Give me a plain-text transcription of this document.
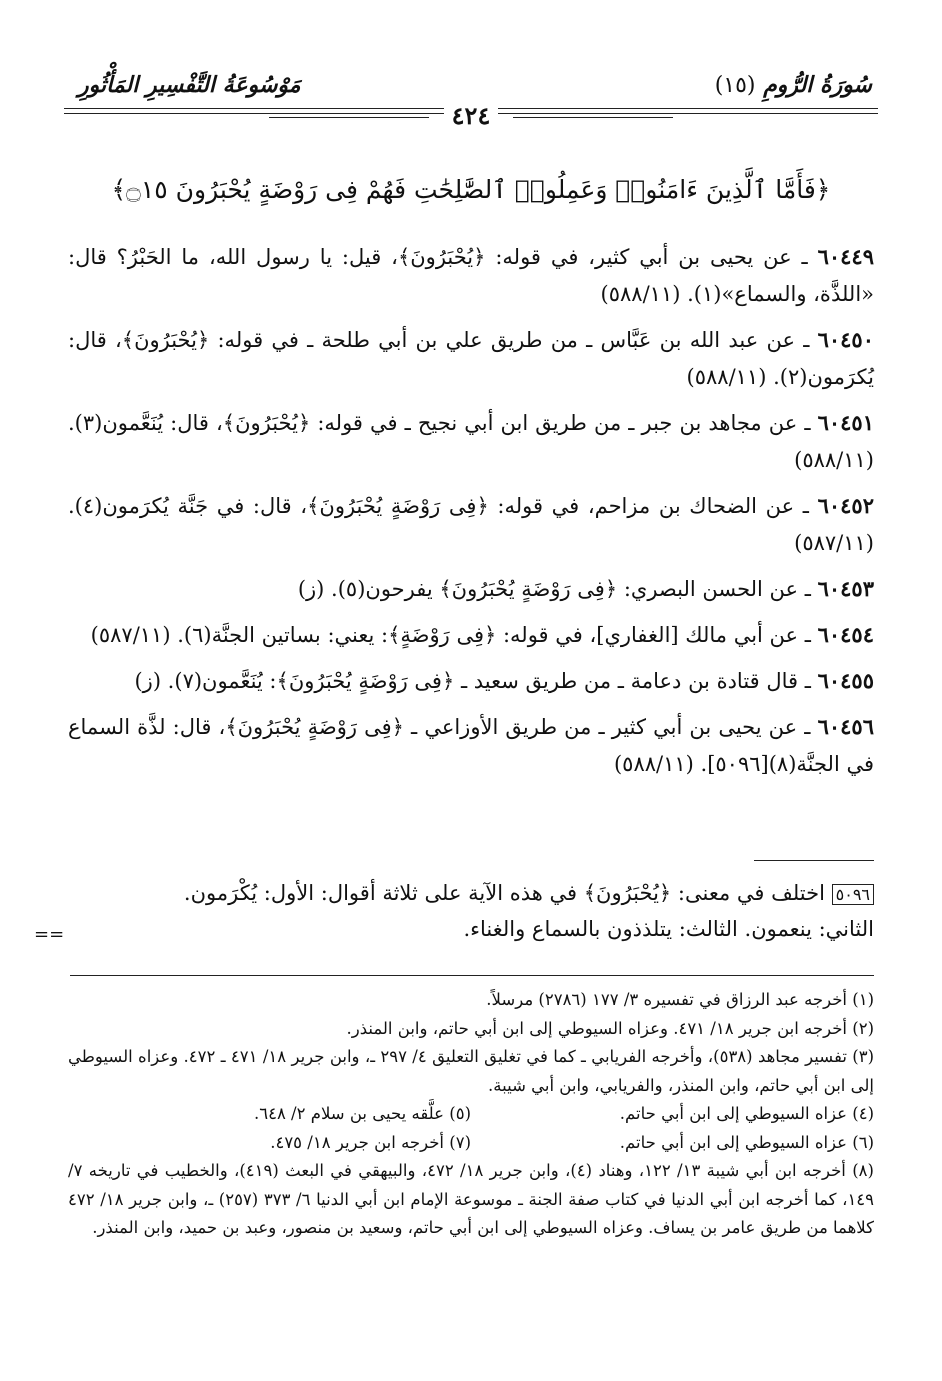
سُورَةُ الرُّومِ (١٥)
مَوْسُوعَةُ التَّفْسِيرِ المَأْثُورِ
٤٢٤
﴿فَأَمَّا ٱلَّذِينَ ءَامَنُوا۟ وَعَمِلُوا۟ ٱلصَّٰلِحَٰتِ فَهُمْ فِى رَوْضَةٍ يُحْبَرُونَ ۝١٥﴾

٦٠٤٤٩ ـ عن يحيى بن أبي كثير، في قوله: ﴿يُحْبَرُونَ﴾، قيل: يا رسول الله، ما الحَبْرُ؟ قال: «اللذَّة، والسماع»(١). (٥٨٨/١١)

٦٠٤٥٠ ـ عن عبد الله بن عَبَّاس ـ من طريق علي بن أبي طلحة ـ في قوله: ﴿يُحْبَرُونَ﴾، قال: يُكرَمون(٢). (٥٨٨/١١)

٦٠٤٥١ ـ عن مجاهد بن جبر ـ من طريق ابن أبي نجيح ـ في قوله: ﴿يُحْبَرُونَ﴾، قال: يُنَعَّمون(٣). (٥٨٨/١١)

٦٠٤٥٢ ـ عن الضحاك بن مزاحم، في قوله: ﴿فِى رَوْضَةٍ يُحْبَرُونَ﴾، قال: في جَنَّة يُكرَمون(٤). (٥٨٧/١١)

٦٠٤٥٣ ـ عن الحسن البصري: ﴿فِى رَوْضَةٍ يُحْبَرُونَ﴾ يفرحون(٥). (ز)

٦٠٤٥٤ ـ عن أبي مالك [الغفاري]، في قوله: ﴿فِى رَوْضَةٍ﴾: يعني: بساتين الجنَّة(٦). (٥٨٧/١١)

٦٠٤٥٥ ـ قال قتادة بن دعامة ـ من طريق سعيد ـ ﴿فِى رَوْضَةٍ يُحْبَرُونَ﴾: يُنَعَّمون(٧). (ز)

٦٠٤٥٦ ـ عن يحيى بن أبي كثير ـ من طريق الأوزاعي ـ ﴿فِى رَوْضَةٍ يُحْبَرُونَ﴾، قال: لذَّة السماع في الجنَّة(٨)[٥٠٩٦]. (٥٨٨/١١)

٥٠٩٦ اختلف في معنى: ﴿يُحْبَرُونَ﴾ في هذه الآية على ثلاثة أقوال: الأول: يُكْرَمون.
الثاني: ينعمون. الثالث: يتلذذون بالسماع والغناء.
==

(١) أخرجه عبد الرزاق في تفسيره ٣/ ١٧٧ (٢٧٨٦) مرسلاً.

(٢) أخرجه ابن جرير ١٨/ ٤٧١. وعزاه السيوطي إلى ابن أبي حاتم، وابن المنذر.

(٣) تفسير مجاهد (٥٣٨)، وأخرجه الفريابي ـ كما في تغليق التعليق ٤/ ٢٩٧ ـ، وابن جرير ١٨/ ٤٧١ ـ ٤٧٢. وعزاه السيوطي إلى ابن أبي حاتم، وابن المنذر، والفريابي، وابن أبي شيبة.

(٤) عزاه السيوطي إلى ابن أبي حاتم.
(٥) علَّقه يحيى بن سلام ٢/ ٦٤٨.
(٦) عزاه السيوطي إلى ابن أبي حاتم.
(٧) أخرجه ابن جرير ١٨/ ٤٧٥.

(٨) أخرجه ابن أبي شيبة ١٣/ ١٢٢، وهناد (٤)، وابن جرير ١٨/ ٤٧٢، والبيهقي في البعث (٤١٩)، والخطيب في تاريخه ٧/ ١٤٩، كما أخرجه ابن أبي الدنيا في كتاب صفة الجنة ـ موسوعة الإمام ابن أبي الدنيا ٦/ ٣٧٣ (٢٥٧) ـ، وابن جرير ١٨/ ٤٧٢ كلاهما من طريق عامر بن يساف. وعزاه السيوطي إلى ابن أبي حاتم، وسعيد بن منصور، وعبد بن حميد، وابن المنذر.
